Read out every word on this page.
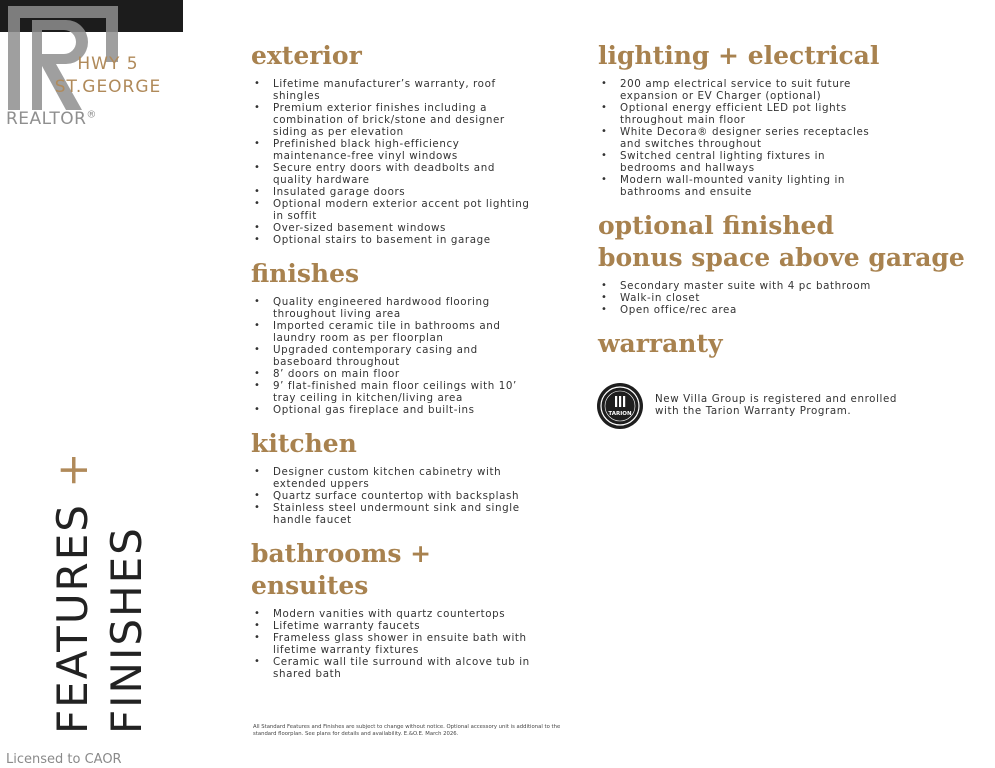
HWY 5
ST.GEORGE
REALTOR®
FEATURES +
FINISHES
exterior
• Lifetime manufacturer’s warranty, roof
shingles
• Premium exterior finishes including a
combination of brick/stone and designer
siding as per elevation
• Prefinished black high-efficiency
maintenance-free vinyl windows
• Secure entry doors with deadbolts and
quality hardware
• Insulated garage doors
• Optional modern exterior accent pot lighting
in soffit
• Over-sized basement windows
• Optional stairs to basement in garage
finishes
• Quality engineered hardwood flooring
throughout living area
• Imported ceramic tile in bathrooms and
laundry room as per floorplan
• Upgraded contemporary casing and
baseboard throughout
• 8’ doors on main floor
• 9’ flat-finished main floor ceilings with 10’
tray ceiling in kitchen/living area
• Optional gas fireplace and built-ins
kitchen
• Designer custom kitchen cabinetry with
extended uppers
• Quartz surface countertop with backsplash
• Stainless steel undermount sink and single
handle faucet
bathrooms +
ensuites
• Modern vanities with quartz countertops
• Lifetime warranty faucets
• Frameless glass shower in ensuite bath with
lifetime warranty fixtures
• Ceramic wall tile surround with alcove tub in
shared bath
lighting + electrical
• 200 amp electrical service to suit future
expansion or EV Charger (optional)
• Optional energy efficient LED pot lights
throughout main floor
• White Decora® designer series receptacles
and switches throughout
• Switched central lighting fixtures in
bedrooms and hallways
• Modern wall-mounted vanity lighting in
bathrooms and ensuite
optional finished
bonus space above garage
• Secondary master suite with 4 pc bathroom
• Walk-in closet
• Open office/rec area
warranty
TARION
New Villa Group is registered and enrolled
with the Tarion Warranty Program.
All Standard Features and Finishes are subject to change without notice. Optional accessory unit is additional to the
standard floorplan. See plans for details and availability. E.&O.E. March 2026.
Licensed to CAOR
